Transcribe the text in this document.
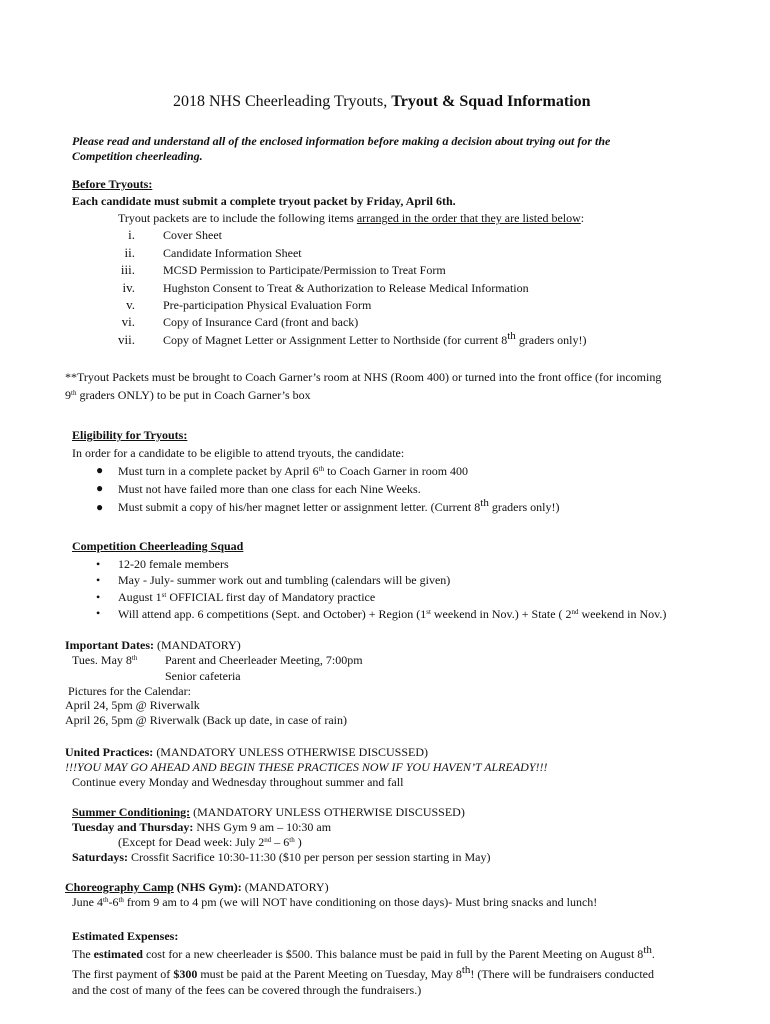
2018 NHS Cheerleading Tryouts, Tryout & Squad Information
Please read and understand all of the enclosed information before making a decision about trying out for the
Competition cheerleading.
Before Tryouts:
Each candidate must submit a complete tryout packet by Friday, April 6th.
Tryout packets are to include the following items arranged in the order that they are listed below:
i. Cover Sheet
ii. Candidate Information Sheet
iii. MCSD Permission to Participate/Permission to Treat Form
iv. Hughston Consent to Treat & Authorization to Release Medical Information
v. Pre-participation Physical Evaluation Form
vi. Copy of Insurance Card (front and back)
vii. Copy of Magnet Letter or Assignment Letter to Northside (for current 8th graders only!)
**Tryout Packets must be brought to Coach Garner’s room at NHS (Room 400) or turned into the front office (for incoming
9th graders ONLY) to be put in Coach Garner’s box
Eligibility for Tryouts:
In order for a candidate to be eligible to attend tryouts, the candidate:
● Must turn in a complete packet by April 6th to Coach Garner in room 400
● Must not have failed more than one class for each Nine Weeks.
● Must submit a copy of his/her magnet letter or assignment letter. (Current 8th graders only!)
Competition Cheerleading Squad
• 12-20 female members
• May - July- summer work out and tumbling (calendars will be given)
• August 1st OFFICIAL first day of Mandatory practice
• Will attend app. 6 competitions (Sept. and October) + Region (1st weekend in Nov.) + State ( 2nd weekend in Nov.)
Important Dates: (MANDATORY)
Tues. May 8th Parent and Cheerleader Meeting, 7:00pm
Senior cafeteria
Pictures for the Calendar:
April 24, 5pm @ Riverwalk
April 26, 5pm @ Riverwalk (Back up date, in case of rain)
United Practices: (MANDATORY UNLESS OTHERWISE DISCUSSED)
!!!YOU MAY GO AHEAD AND BEGIN THESE PRACTICES NOW IF YOU HAVEN’T ALREADY!!!
Continue every Monday and Wednesday throughout summer and fall
Summer Conditioning: (MANDATORY UNLESS OTHERWISE DISCUSSED)
Tuesday and Thursday: NHS Gym 9 am – 10:30 am
(Except for Dead week: July 2nd – 6th )
Saturdays: Crossfit Sacrifice 10:30-11:30 ($10 per person per session starting in May)
Choreography Camp (NHS Gym): (MANDATORY)
June 4th-6th from 9 am to 4 pm (we will NOT have conditioning on those days)- Must bring snacks and lunch!
Estimated Expenses:
The estimated cost for a new cheerleader is $500. This balance must be paid in full by the Parent Meeting on August 8th.
The first payment of $300 must be paid at the Parent Meeting on Tuesday, May 8th! (There will be fundraisers conducted
and the cost of many of the fees can be covered through the fundraisers.)
